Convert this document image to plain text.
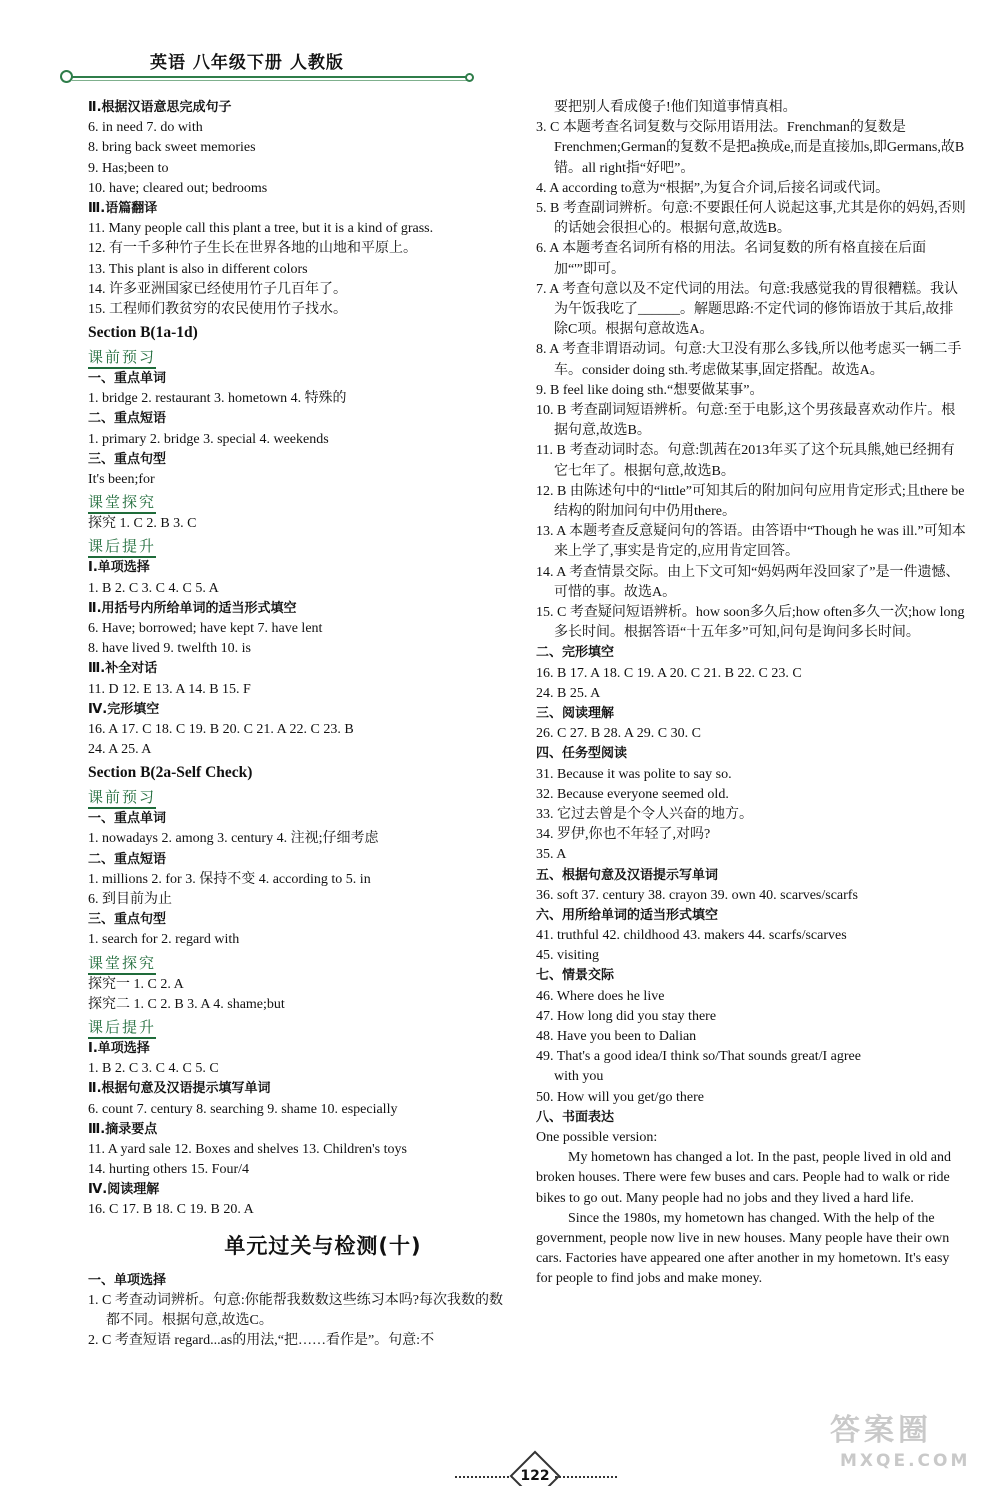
英语 八年级下册 人教版
Ⅱ.根据汉语意思完成句子
6. in need 7. do with
8. bring back sweet memories
9. Has;been to
10. have; cleared out; bedrooms
Ⅲ.语篇翻译
11. Many people call this plant a tree, but it is a kind of grass.
12. 有一千多种竹子生长在世界各地的山地和平原上。
13. This plant is also in different colors
14. 许多亚洲国家已经使用竹子几百年了。
15. 工程师们教贫穷的农民使用竹子找水。
Section B(1a-1d)
课前预习
一、重点单词
1. bridge 2. restaurant 3. hometown 4. 特殊的
二、重点短语
1. primary 2. bridge 3. special 4. weekends
三、重点句型
It's been;for
课堂探究
探究 1. C 2. B 3. C
课后提升
Ⅰ.单项选择
1. B 2. C 3. C 4. C 5. A
Ⅱ.用括号内所给单词的适当形式填空
6. Have; borrowed; have kept 7. have lent
8. have lived 9. twelfth 10. is
Ⅲ.补全对话
11. D 12. E 13. A 14. B 15. F
Ⅳ.完形填空
16. A 17. C 18. C 19. B 20. C 21. A 22. C 23. B
24. A 25. A
Section B(2a-Self Check)
课前预习
一、重点单词
1. nowadays 2. among 3. century 4. 注视;仔细考虑
二、重点短语
1. millions 2. for 3. 保持不变 4. according to 5. in
6. 到目前为止
三、重点句型
1. search for 2. regard with
课堂探究
探究一 1. C 2. A
探究二 1. C 2. B 3. A 4. shame;but
课后提升
Ⅰ.单项选择
1. B 2. C 3. C 4. C 5. C
Ⅱ.根据句意及汉语提示填写单词
6. count 7. century 8. searching 9. shame 10. especially
Ⅲ.摘录要点
11. A yard sale 12. Boxes and shelves 13. Children's toys
14. hurting others 15. Four/4
Ⅳ.阅读理解
16. C 17. B 18. C 19. B 20. A
单元过关与检测(十)
一、单项选择
1. C 考查动词辨析。句意:你能帮我数数这些练习本吗?每次我数的数都不同。根据句意,故选C。
2. C 考查短语 regard...as的用法,“把……看作是”。句意:不
要把别人看成傻子!他们知道事情真相。
3. C 本题考查名词复数与交际用语用法。Frenchman的复数是Frenchmen;German的复数不是把a换成e,而是直接加s,即Germans,故B错。all right指“好吧”。
4. A according to意为“根据”,为复合介词,后接名词或代词。
5. B 考查副词辨析。句意:不要跟任何人说起这事,尤其是你的妈妈,否则的话她会很担心的。根据句意,故选B。
6. A 本题考查名词所有格的用法。名词复数的所有格直接在后面加“'”即可。
7. A 考查句意以及不定代词的用法。句意:我感觉我的胃很糟糕。我认为午饭我吃了______。解题思路:不定代词的修饰语放于其后,故排除C项。根据句意故选A。
8. A 考查非谓语动词。句意:大卫没有那么多钱,所以他考虑买一辆二手车。consider doing sth.考虑做某事,固定搭配。故选A。
9. B feel like doing sth.“想要做某事”。
10. B 考查副词短语辨析。句意:至于电影,这个男孩最喜欢动作片。根据句意,故选B。
11. B 考查动词时态。句意:凯茜在2013年买了这个玩具熊,她已经拥有它七年了。根据句意,故选B。
12. B 由陈述句中的“little”可知其后的附加问句应用肯定形式;且there be结构的附加问句中仍用there。
13. A 本题考查反意疑问句的答语。由答语中“Though he was ill.”可知本来上学了,事实是肯定的,应用肯定回答。
14. A 考查情景交际。由上下文可知“妈妈两年没回家了”是一件遗憾、可惜的事。故选A。
15. C 考查疑问短语辨析。how soon多久后;how often多久一次;how long多长时间。根据答语“十五年多”可知,问句是询问多长时间。
二、完形填空
16. B 17. A 18. C 19. A 20. C 21. B 22. C 23. C
24. B 25. A
三、阅读理解
26. C 27. B 28. A 29. C 30. C
四、任务型阅读
31. Because it was polite to say so.
32. Because everyone seemed old.
33. 它过去曾是个令人兴奋的地方。
34. 罗伊,你也不年轻了,对吗?
35. A
五、根据句意及汉语提示写单词
36. soft 37. century 38. crayon 39. own 40. scarves/scarfs
六、用所给单词的适当形式填空
41. truthful 42. childhood 43. makers 44. scarfs/scarves
45. visiting
七、情景交际
46. Where does he live
47. How long did you stay there
48. Have you been to Dalian
49. That's a good idea/I think so/That sounds great/I agree
with you
50. How will you get/go there
八、书面表达
One possible version:
My hometown has changed a lot. In the past, people lived in old and broken houses. There were few buses and cars. People had to walk or ride bikes to go out. Many people had no jobs and they lived a hard life.
Since the 1980s, my hometown has changed. With the help of the government, people now live in new houses. Many people have their own cars. Factories have appeared one after another in my hometown. It's easy for people to find jobs and make money.
122
答案圈
MXQE.COM
